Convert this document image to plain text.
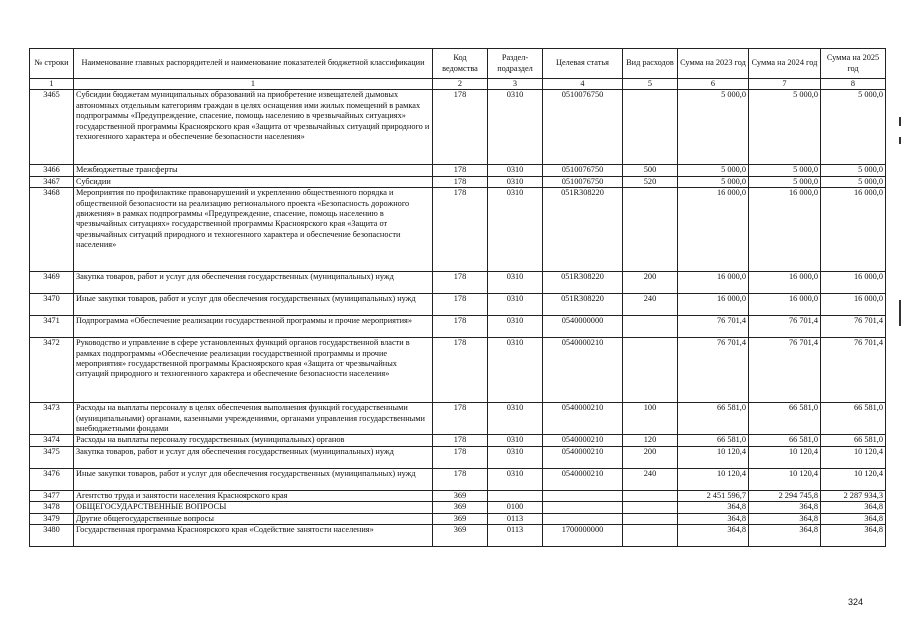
№ строки	Наименование главных распорядителей и наименование показателей бюджетной классификации	Код ведомства	Раздел-подраздел	Целевая статья	Вид расходов	Сумма на 2023 год	Сумма на 2024 год	Сумма на 2025 год
1	1	2	3	4	5	6	7	8
3465	Субсидии бюджетам муниципальных образований на приобретение извещателей дымовых автономных отдельным категориям граждан в целях оснащения ими жилых помещений в рамках подпрограммы «Предупреждение, спасение, помощь населению в чрезвычайных ситуациях» государственной программы Красноярского края «Защита от чрезвычайных ситуаций природного и техногенного характера и обеспечение безопасности населения»	178	0310	0510076750		5 000,0	5 000,0	5 000,0
3466	Межбюджетные трансферты	178	0310	0510076750	500	5 000,0	5 000,0	5 000,0
3467	Субсидии	178	0310	0510076750	520	5 000,0	5 000,0	5 000,0
3468	Мероприятия по профилактике правонарушений и укреплению общественного порядка и общественной безопасности на реализацию регионального проекта «Безопасность дорожного движения» в рамках подпрограммы «Предупреждение, спасение, помощь населению в чрезвычайных ситуациях» государственной программы Красноярского края «Защита от чрезвычайных ситуаций природного и техногенного характера и обеспечение безопасности населения»	178	0310	051R308220		16 000,0	16 000,0	16 000,0
3469	Закупка товаров, работ и услуг для обеспечения государственных (муниципальных) нужд	178	0310	051R308220	200	16 000,0	16 000,0	16 000,0
3470	Иные закупки товаров, работ и услуг для обеспечения государственных (муниципальных) нужд	178	0310	051R308220	240	16 000,0	16 000,0	16 000,0
3471	Подпрограмма «Обеспечение реализации государственной программы и прочие мероприятия»	178	0310	0540000000		76 701,4	76 701,4	76 701,4
3472	Руководство и управление в сфере установленных функций органов государственной власти в рамках подпрограммы «Обеспечение реализации государственной программы и прочие мероприятия» государственной программы Красноярского края «Защита от чрезвычайных ситуаций природного и техногенного характера и обеспечение безопасности населения»	178	0310	0540000210		76 701,4	76 701,4	76 701,4
3473	Расходы на выплаты персоналу в целях обеспечения выполнения функций государственными (муниципальными) органами, казенными учреждениями, органами управления государственными внебюджетными фондами	178	0310	0540000210	100	66 581,0	66 581,0	66 581,0
3474	Расходы на выплаты персоналу государственных (муниципальных) органов	178	0310	0540000210	120	66 581,0	66 581,0	66 581,0
3475	Закупка товаров, работ и услуг для обеспечения государственных (муниципальных) нужд	178	0310	0540000210	200	10 120,4	10 120,4	10 120,4
3476	Иные закупки товаров, работ и услуг для обеспечения государственных (муниципальных) нужд	178	0310	0540000210	240	10 120,4	10 120,4	10 120,4
3477	Агентство труда и занятости населения Красноярского края	369				2 451 596,7	2 294 745,8	2 287 934,3
3478	ОБЩЕГОСУДАРСТВЕННЫЕ ВОПРОСЫ	369	0100			364,8	364,8	364,8
3479	Другие общегосударственные вопросы	369	0113			364,8	364,8	364,8
3480	Государственная программа Красноярского края «Содействие занятости населения»	369	0113	1700000000		364,8	364,8	364,8
324
